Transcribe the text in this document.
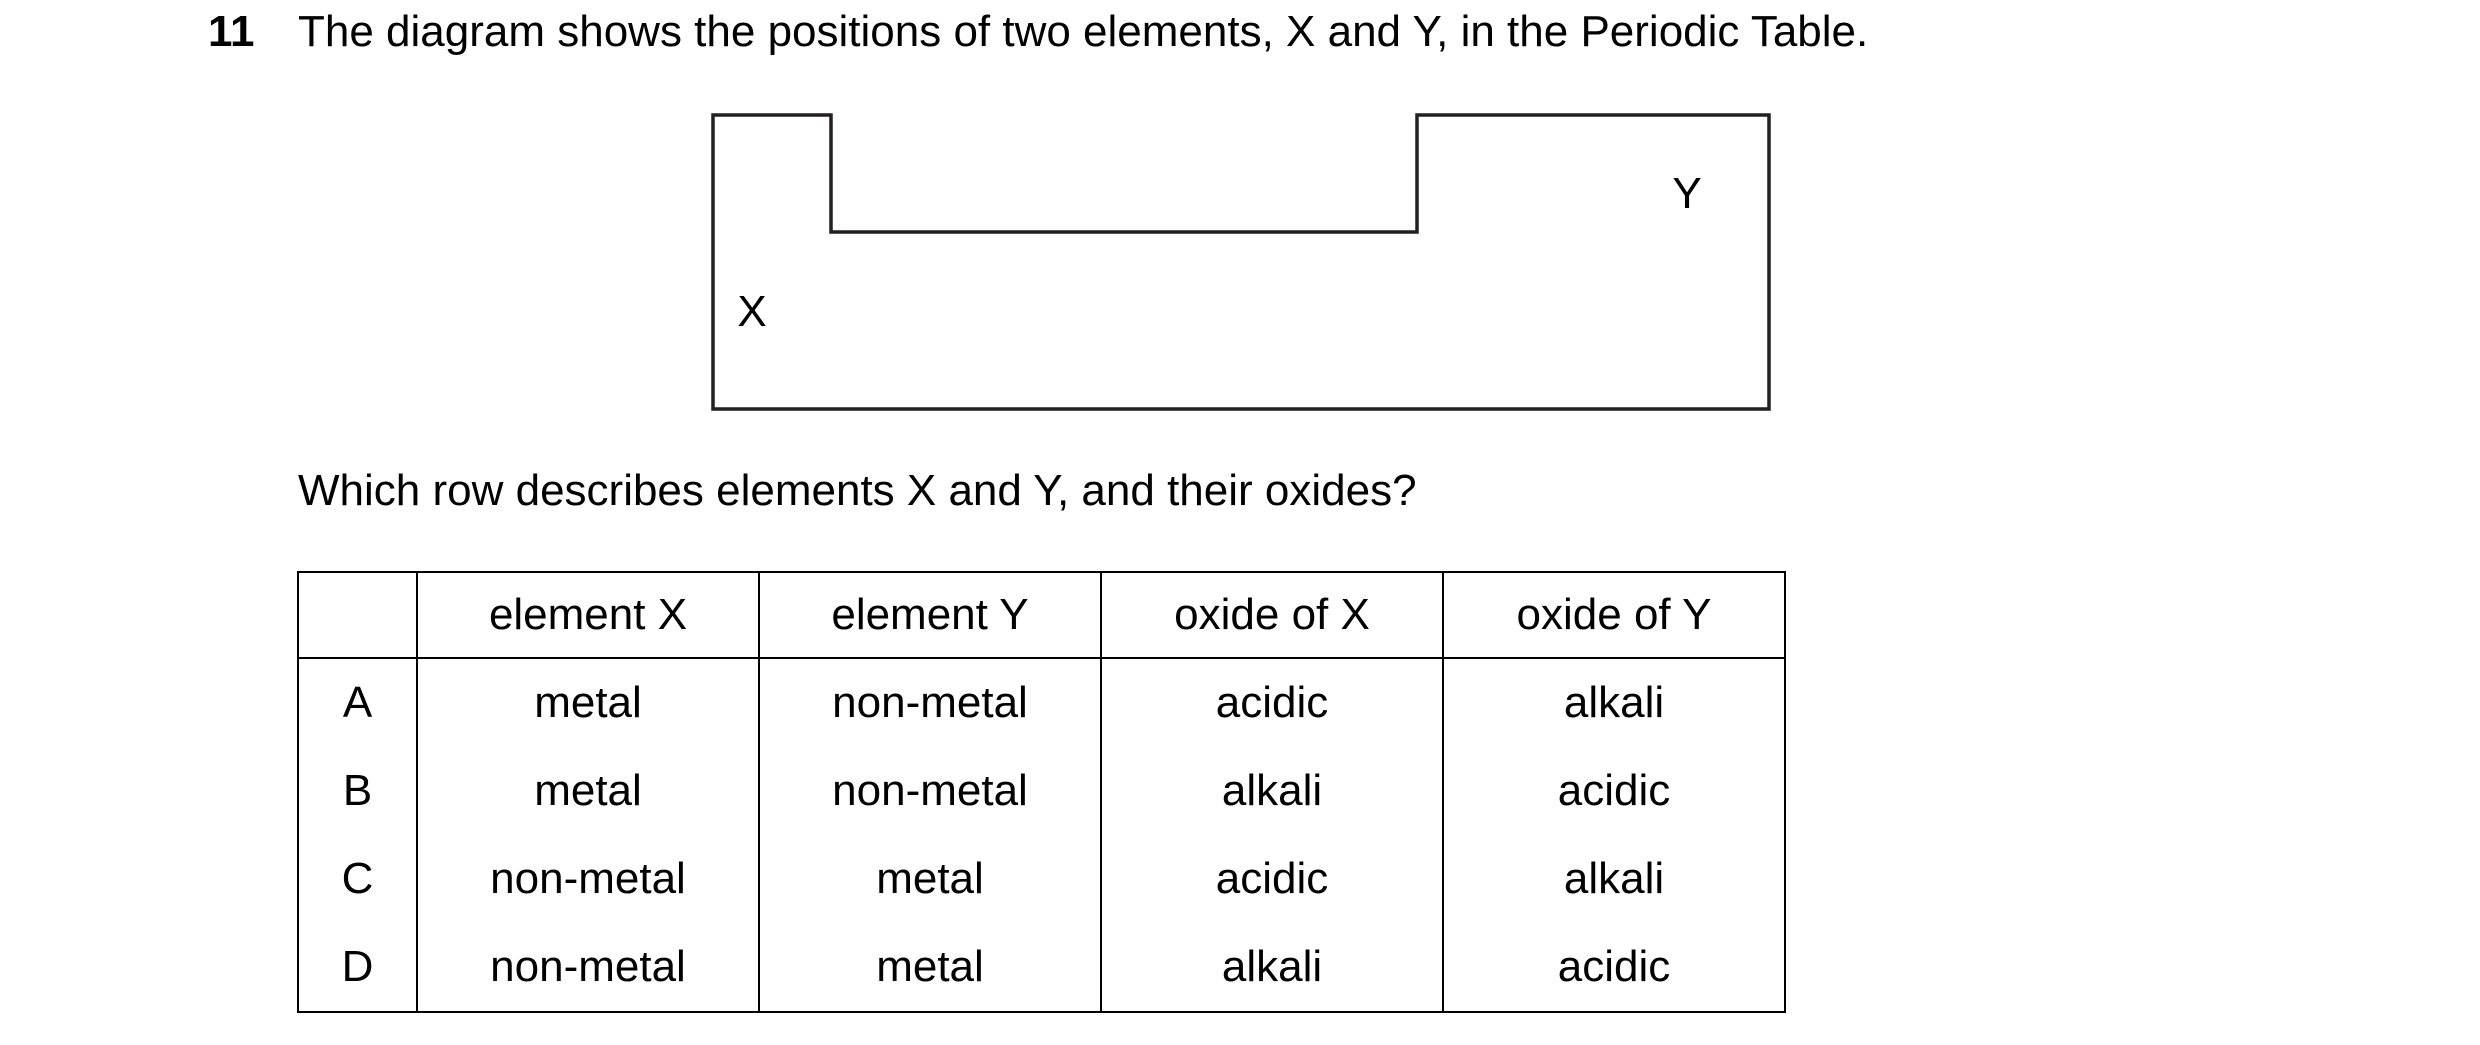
11 The diagram shows the positions of two elements, X and Y, in the Periodic Table.
X
Y
Which row describes elements X and Y, and their oxides?
	element X	element Y	oxide of X	oxide of Y
A	metal	non-metal	acidic	alkali
B	metal	non-metal	alkali	acidic
C	non-metal	metal	acidic	alkali
D	non-metal	metal	alkali	acidic
